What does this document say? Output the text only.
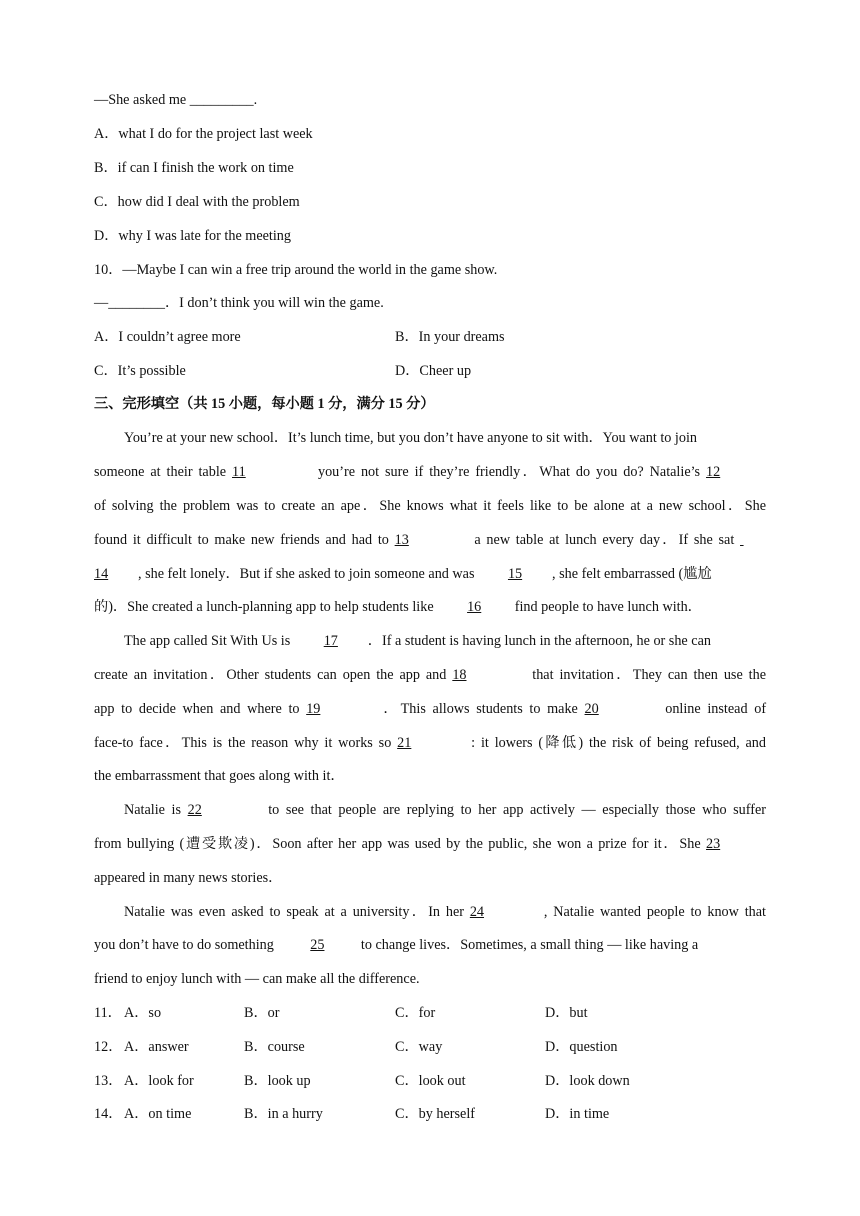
—She asked me _________.
A．what I do for the project last week
B．if can I finish the work on time
C．how did I deal with the problem
D．why I was late for the meeting
10．—Maybe I can win a free trip around the world in the game show.
—________．I don’t think you will win the game.
A．I couldn’t agree more	B．In your dreams
C．It’s possible	D．Cheer up
三、完形填空（共 15 小题，每小题 1 分，满分 15 分）
You’re at your new school．It’s lunch time, but you don’t have anyone to sit with．You want to join
someone at their table 11	you’re not sure if they’re friendly．What do you do? Natalie’s 12
of solving the problem was to create an ape．She knows what it feels like to be alone at a new school．She
found it difficult to make new friends and had to 13	a new table at lunch every day．If she sat
14 , she felt lonely．But if she asked to join someone and was 15 , she felt embarrassed (尴尬
的)．She created a lunch-planning app to help students like 16 find people to have lunch with．
The app called Sit With Us is 17 ．If a student is having lunch in the afternoon, he or she can
create an invitation．Other students can open the app and 18	that invitation．They can then use the
app to decide when and where to 19	．This allows students to make 20	online instead of
face-to face．This is the reason why it works so 21	: it lowers (降低) the risk of being refused, and
the embarrassment that goes along with it．
Natalie is 22	to see that people are replying to her app actively — especially those who suffer
from bullying (遭受欺凌)．Soon after her app was used by the public, she won a prize for it．She 23
appeared in many news stories．
Natalie was even asked to speak at a university．In her 24	, Natalie wanted people to know that
you don’t have to do something	25	to change lives．Sometimes, a small thing — like having a
friend to enjoy lunch with — can make all the difference.
11． A．so	B．or	C．for	D．but
12． A．answer	B．course	C．way	D．question
13． A．look for	B．look up	C．look out	D．look down
14． A．on time	B．in a hurry	C．by herself	D．in time
